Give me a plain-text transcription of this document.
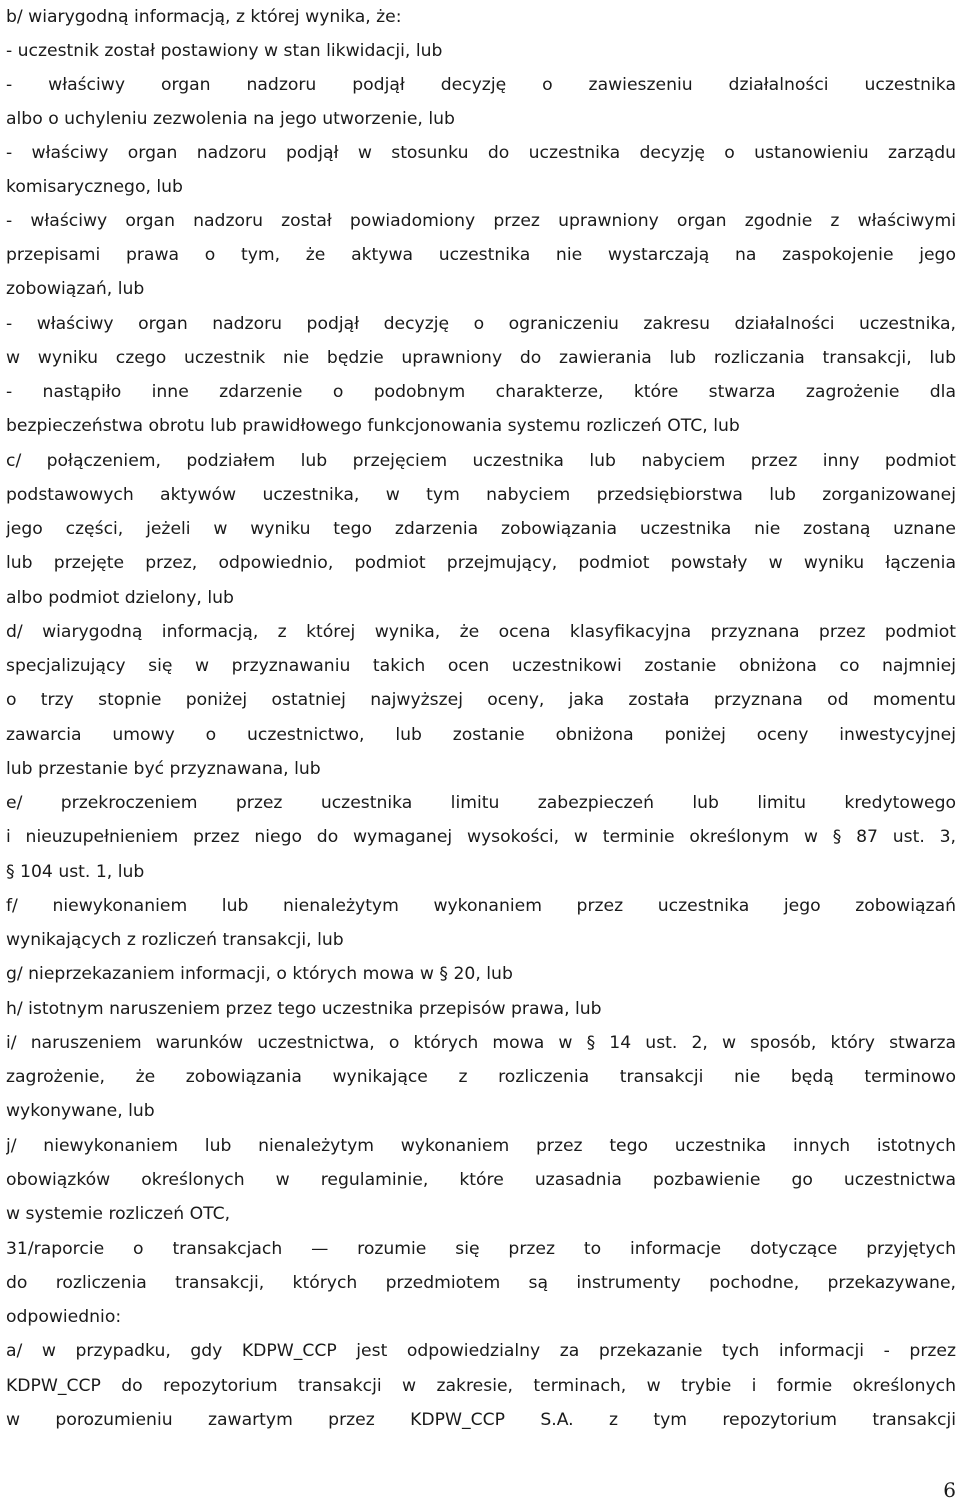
b/ wiarygodną informacją, z której wynika, że:
- uczestnik został postawiony w stan likwidacji, lub
- właściwy organ nadzoru podjął decyzję o zawieszeniu działalności uczestnika
albo o uchyleniu zezwolenia na jego utworzenie, lub
- właściwy organ nadzoru podjął w stosunku do uczestnika decyzję o ustanowieniu zarządu
komisarycznego, lub
- właściwy organ nadzoru został powiadomiony przez uprawniony organ zgodnie z właściwymi
przepisami prawa o tym, że aktywa uczestnika nie wystarczają na zaspokojenie jego
zobowiązań, lub
- właściwy organ nadzoru podjął decyzję o ograniczeniu zakresu działalności uczestnika,
w wyniku czego uczestnik nie będzie uprawniony do zawierania lub rozliczania transakcji, lub
- nastąpiło inne zdarzenie o podobnym charakterze, które stwarza zagrożenie dla
bezpieczeństwa obrotu lub prawidłowego funkcjonowania systemu rozliczeń OTC, lub
c/ połączeniem, podziałem lub przejęciem uczestnika lub nabyciem przez inny podmiot
podstawowych aktywów uczestnika, w tym nabyciem przedsiębiorstwa lub zorganizowanej
jego części, jeżeli w wyniku tego zdarzenia zobowiązania uczestnika nie zostaną uznane
lub przejęte przez, odpowiednio, podmiot przejmujący, podmiot powstały w wyniku łączenia
albo podmiot dzielony, lub
d/ wiarygodną informacją, z której wynika, że ocena klasyfikacyjna przyznana przez podmiot
specjalizujący się w przyznawaniu takich ocen uczestnikowi zostanie obniżona co najmniej
o trzy stopnie poniżej ostatniej najwyższej oceny, jaka została przyznana od momentu
zawarcia umowy o uczestnictwo, lub zostanie obniżona poniżej oceny inwestycyjnej
lub przestanie być przyznawana, lub
e/ przekroczeniem przez uczestnika limitu zabezpieczeń lub limitu kredytowego
i nieuzupełnieniem przez niego do wymaganej wysokości, w terminie określonym w § 87 ust. 3,
§ 104 ust. 1, lub
f/ niewykonaniem lub nienależytym wykonaniem przez uczestnika jego zobowiązań
wynikających z rozliczeń transakcji, lub
g/ nieprzekazaniem informacji, o których mowa w § 20, lub
h/ istotnym naruszeniem przez tego uczestnika przepisów prawa, lub
i/ naruszeniem warunków uczestnictwa, o których mowa w § 14 ust. 2, w sposób, który stwarza
zagrożenie, że zobowiązania wynikające z rozliczenia transakcji nie będą terminowo
wykonywane, lub
j/ niewykonaniem lub nienależytym wykonaniem przez tego uczestnika innych istotnych
obowiązków określonych w regulaminie, które uzasadnia pozbawienie go uczestnictwa
w systemie rozliczeń OTC,
31/raporcie o transakcjach — rozumie się przez to informacje dotyczące przyjętych
do rozliczenia transakcji, których przedmiotem są instrumenty pochodne, przekazywane,
odpowiednio:
a/ w przypadku, gdy KDPW_CCP jest odpowiedzialny za przekazanie tych informacji - przez
KDPW_CCP do repozytorium transakcji w zakresie, terminach, w trybie i formie określonych
w porozumieniu zawartym przez KDPW_CCP S.A. z tym repozytorium transakcji
6
